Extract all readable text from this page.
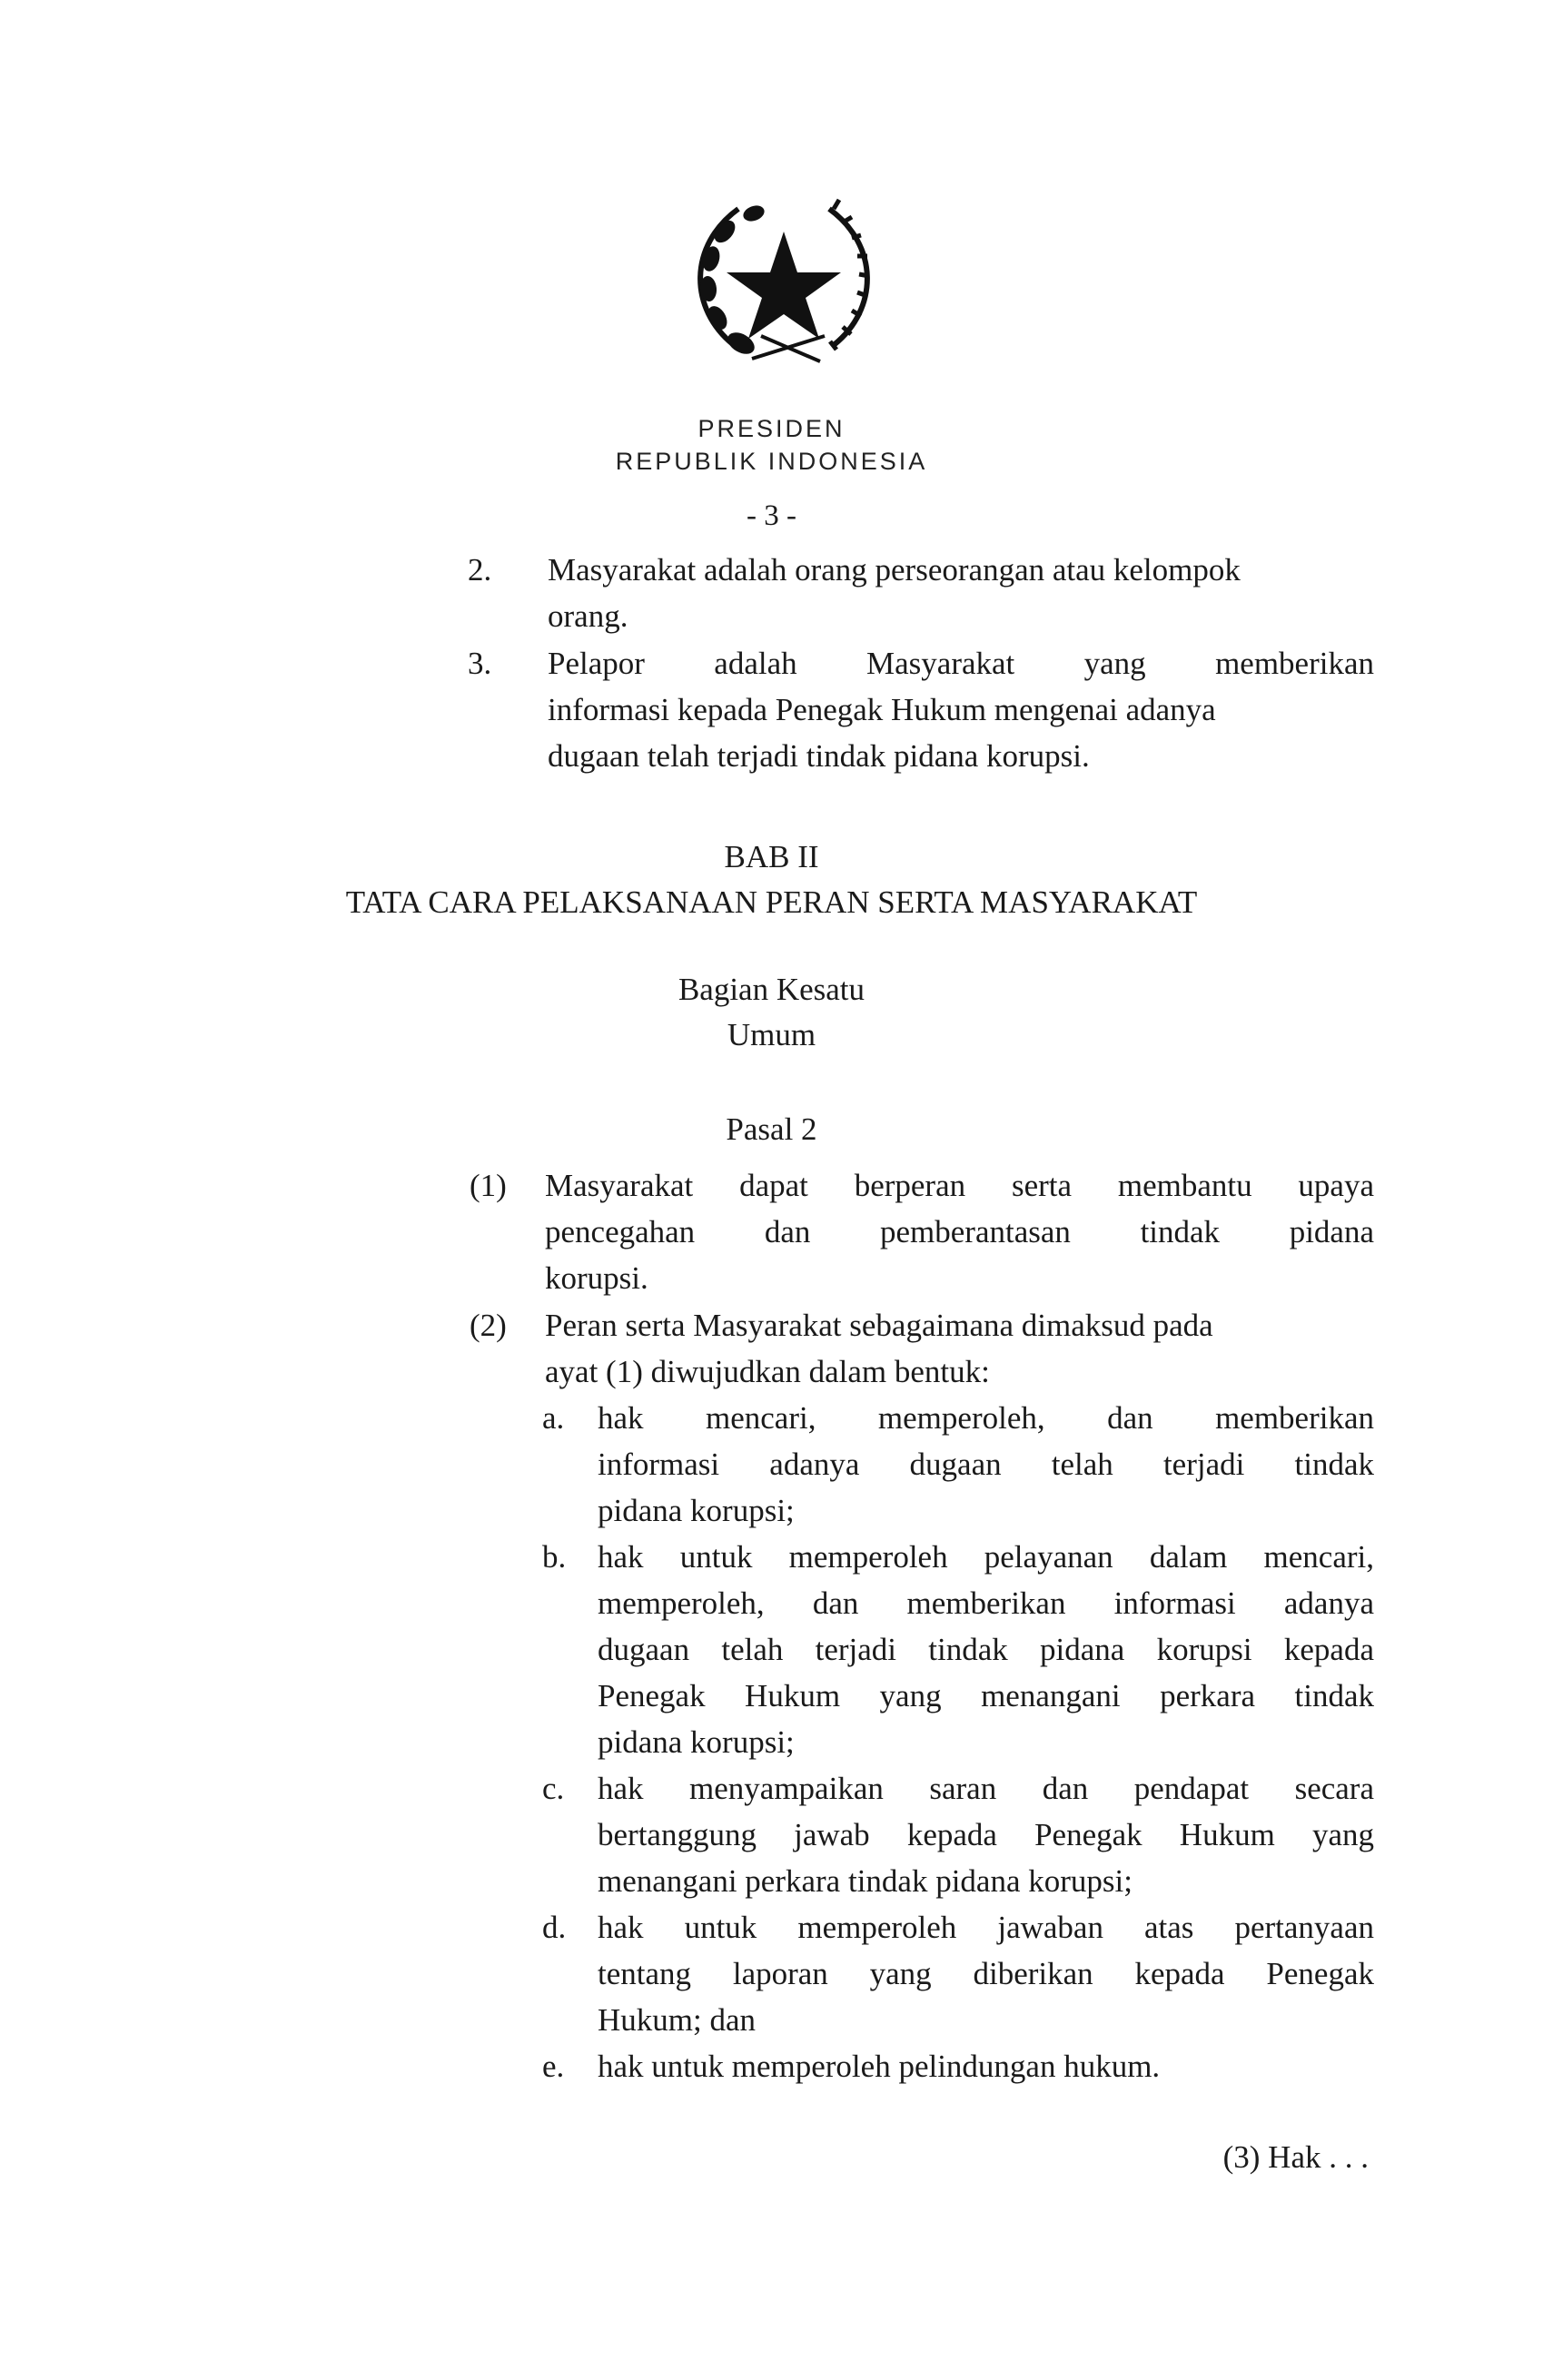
PRESIDEN
REPUBLIK INDONESIA
- 3 -
2. Masyarakat adalah orang perseorangan atau kelompok
orang.
3. Pelapor adalah Masyarakat yang memberikan
informasi kepada Penegak Hukum mengenai adanya
dugaan telah terjadi tindak pidana korupsi.
BAB II
TATA CARA PELAKSANAAN PERAN SERTA MASYARAKAT
Bagian Kesatu
Umum
Pasal 2
(1) Masyarakat dapat berperan serta membantu upaya
pencegahan dan pemberantasan tindak pidana
korupsi.
(2) Peran serta Masyarakat sebagaimana dimaksud pada
ayat (1) diwujudkan dalam bentuk:
a. hak mencari, memperoleh, dan memberikan
informasi adanya dugaan telah terjadi tindak
pidana korupsi;
b. hak untuk memperoleh pelayanan dalam mencari,
memperoleh, dan memberikan informasi adanya
dugaan telah terjadi tindak pidana korupsi kepada
Penegak Hukum yang menangani perkara tindak
pidana korupsi;
c. hak menyampaikan saran dan pendapat secara
bertanggung jawab kepada Penegak Hukum yang
menangani perkara tindak pidana korupsi;
d. hak untuk memperoleh jawaban atas pertanyaan
tentang laporan yang diberikan kepada Penegak
Hukum; dan
e. hak untuk memperoleh pelindungan hukum.
(3) Hak . . .
